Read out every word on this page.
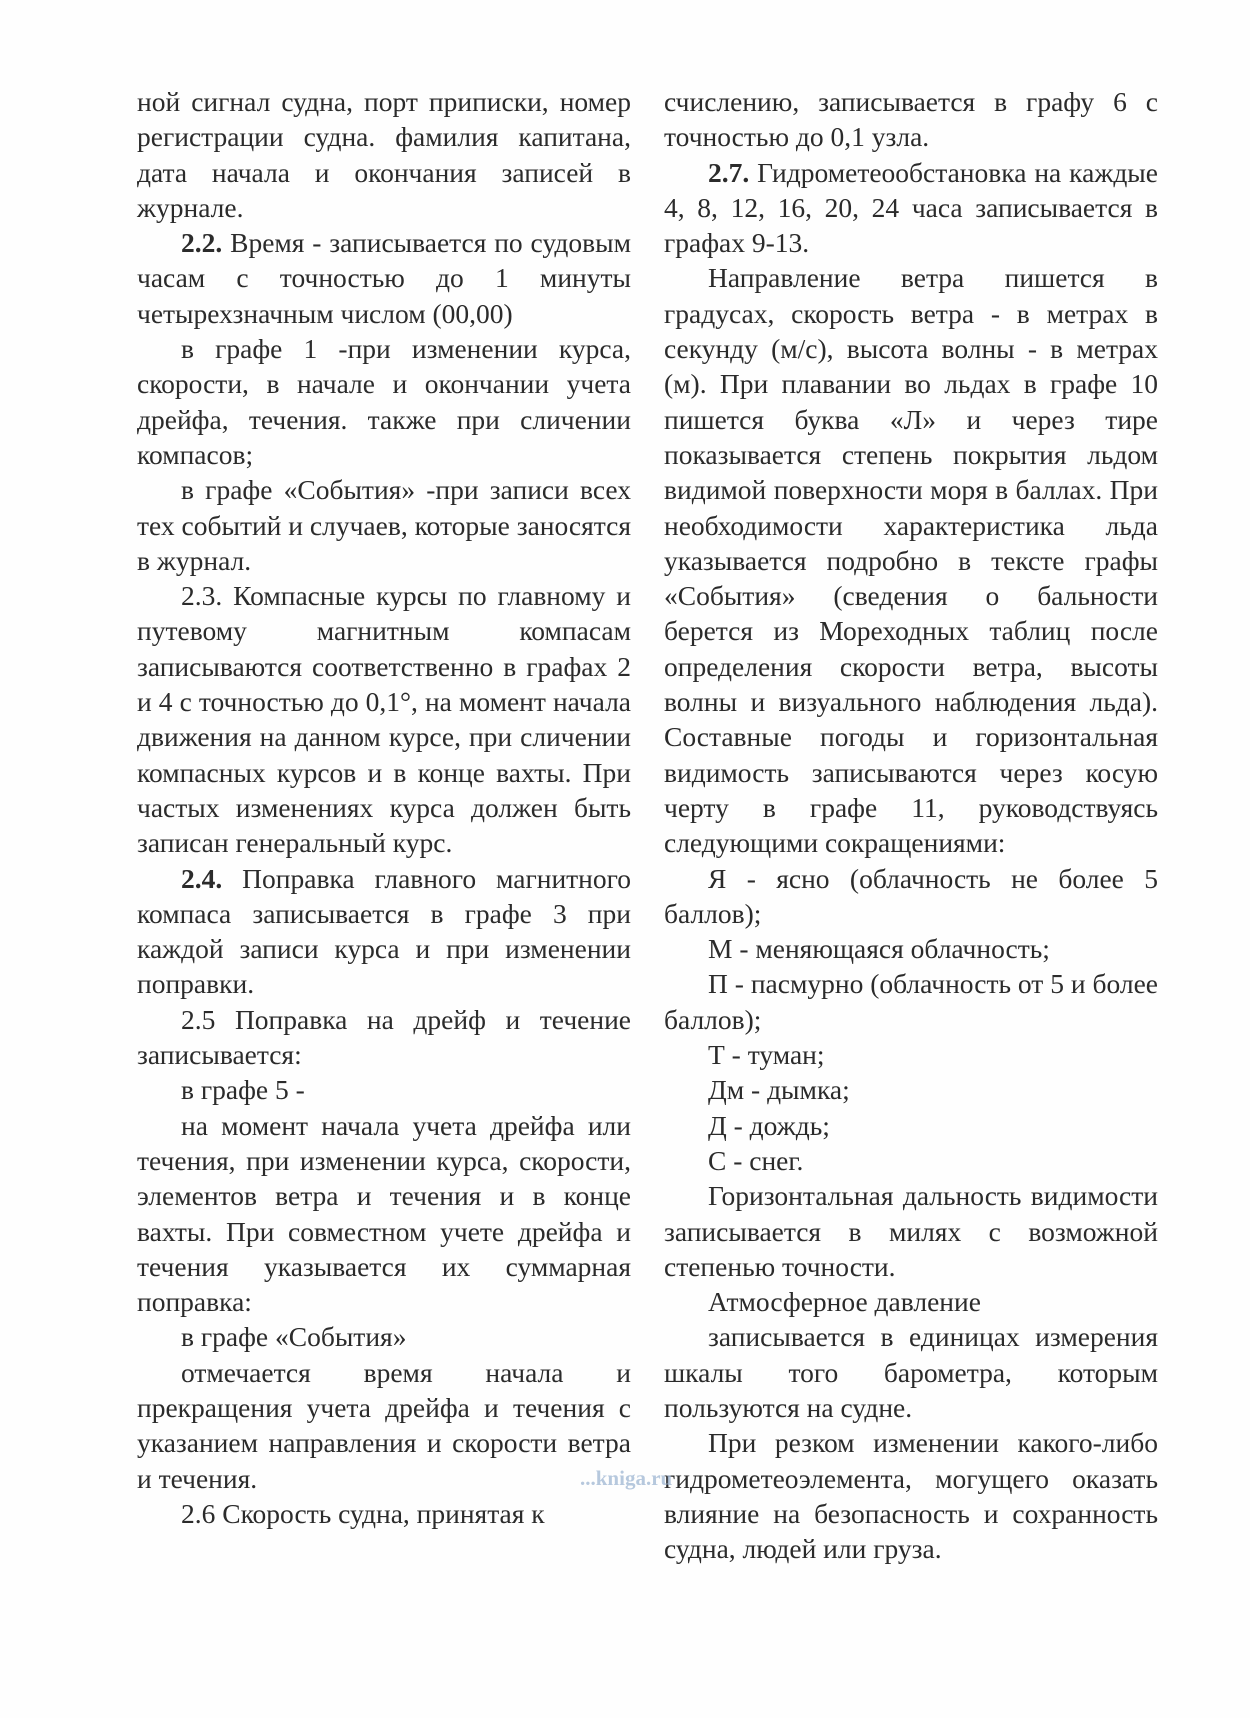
ной сигнал судна, порт приписки, номер регистрации судна. фамилия капитана, дата начала и окончания записей в журнале.

2.2. Время - записывается по судовым часам с точностью до 1 минуты четырехзначным числом (00,00)

в графе 1 -при изменении курса, скорости, в начале и окончании учета дрейфа, течения. также при сличении компасов;

в графе «События» -при записи всех тех событий и случаев, которые заносятся в журнал.

2.3. Компасные курсы по главному и путевому магнитным компасам записываются соответственно в графах 2 и 4 с точностью до 0,1°, на момент начала движения на данном курсе, при сличении компасных курсов и в конце вахты. При частых изменениях курса должен быть записан генеральный курс.

2.4. Поправка главного магнитного компаса записывается в графе 3 при каждой записи курса и при изменении поправки.

2.5 Поправка на дрейф и течение записывается:

в графе 5 -

на момент начала учета дрейфа или течения, при изменении курса, скорости, элементов ветра и течения и в конце вахты. При совместном учете дрейфа и течения указывается их суммарная поправка:

в графе «События»

отмечается время начала и прекращения учета дрейфа и течения с указанием направления и скорости ветра и течения.

2.6 Скорость судна, принятая к

счислению, записывается в графу 6 с точностью до 0,1 узла.

2.7. Гидрометеообстановка на каждые 4, 8, 12, 16, 20, 24 часа записывается в графах 9-13.

Направление ветра пишется в градусах, скорость ветра - в метрах в секунду (м/с), высота волны - в метрах (м). При плавании во льдах в графе 10 пишется буква «Л» и через тире показывается степень покрытия льдом видимой поверхности моря в баллах. При необходимости характеристика льда указывается подробно в тексте графы «События» (сведения о бальности берется из Мореходных таблиц после определения скорости ветра, высоты волны и визуального наблюдения льда). Составные погоды и горизонтальная видимость записываются через косую черту в графе 11, руководствуясь следующими сокращениями:

Я - ясно (облачность не более 5 баллов);

М - меняющаяся облачность;

П - пасмурно (облачность от 5 и более баллов);

Т - туман;

Дм - дымка;

Д - дождь;

С - снег.

Горизонтальная дальность видимости записывается в милях с возможной степенью точности.

Атмосферное давление

записывается в единицах измерения шкалы того барометра, которым пользуются на судне.

При резком изменении какого-либо гидрометеоэлемента, могущего оказать влияние на безопасность и сохранность судна, людей или груза.

...kniga.ru
